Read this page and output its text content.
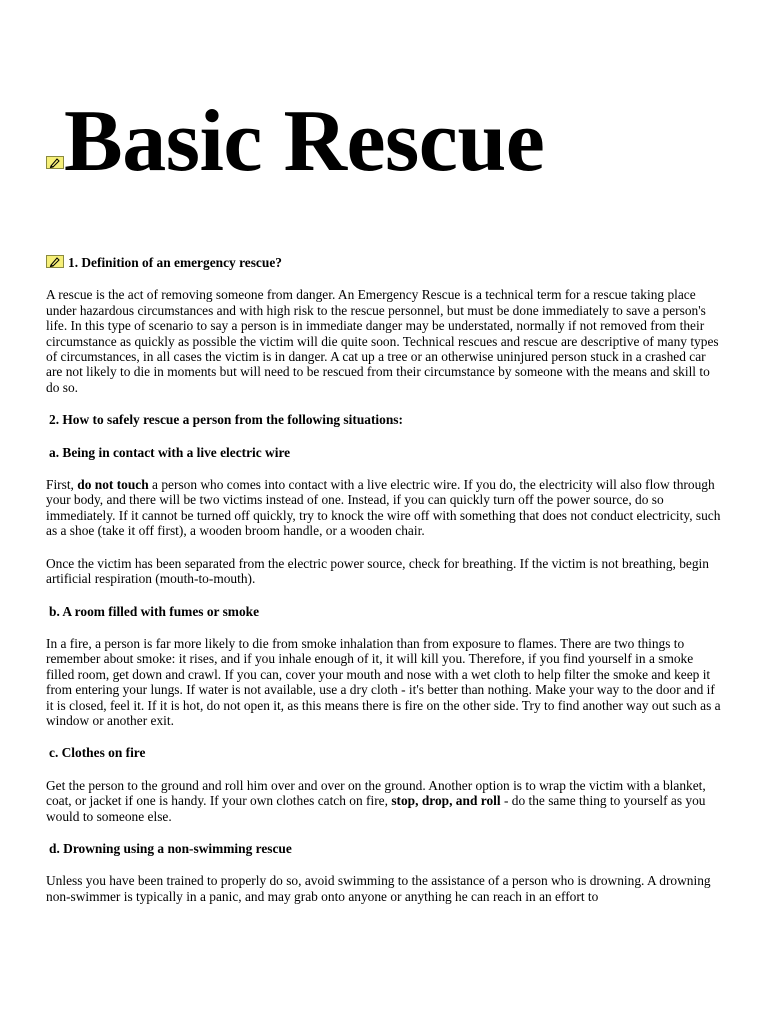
Basic Rescue
1. Definition of an emergency rescue?

A rescue is the act of removing someone from danger. An Emergency Rescue is a technical term for a rescue taking place under hazardous circumstances and with high risk to the rescue personnel, but must be done immediately to save a person's life. In this type of scenario to say a person is in immediate danger may be understated, normally if not removed from their circumstance as quickly as possible the victim will die quite soon. Technical rescues and rescue are descriptive of many types of circumstances, in all cases the victim is in danger. A cat up a tree or an otherwise uninjured person stuck in a crashed car are not likely to die in moments but will need to be rescued from their circumstance by someone with the means and skill to do so.

2. How to safely rescue a person from the following situations:
a. Being in contact with a live electric wire

First, do not touch a person who comes into contact with a live electric wire. If you do, the electricity will also flow through your body, and there will be two victims instead of one. Instead, if you can quickly turn off the power source, do so immediately. If it cannot be turned off quickly, try to knock the wire off with something that does not conduct electricity, such as a shoe (take it off first), a wooden broom handle, or a wooden chair.

Once the victim has been separated from the electric power source, check for breathing. If the victim is not breathing, begin artificial respiration (mouth-to-mouth).

b. A room filled with fumes or smoke

In a fire, a person is far more likely to die from smoke inhalation than from exposure to flames. There are two things to remember about smoke: it rises, and if you inhale enough of it, it will kill you. Therefore, if you find yourself in a smoke filled room, get down and crawl. If you can, cover your mouth and nose with a wet cloth to help filter the smoke and keep it from entering your lungs. If water is not available, use a dry cloth - it's better than nothing. Make your way to the door and if it is closed, feel it. If it is hot, do not open it, as this means there is fire on the other side. Try to find another way out such as a window or another exit.

c. Clothes on fire

Get the person to the ground and roll him over and over on the ground. Another option is to wrap the victim with a blanket, coat, or jacket if one is handy. If your own clothes catch on fire, stop, drop, and roll - do the same thing to yourself as you would to someone else.

d. Drowning using a non-swimming rescue

Unless you have been trained to properly do so, avoid swimming to the assistance of a person who is drowning. A drowning non-swimmer is typically in a panic, and may grab onto anyone or anything he can reach in an effort to
